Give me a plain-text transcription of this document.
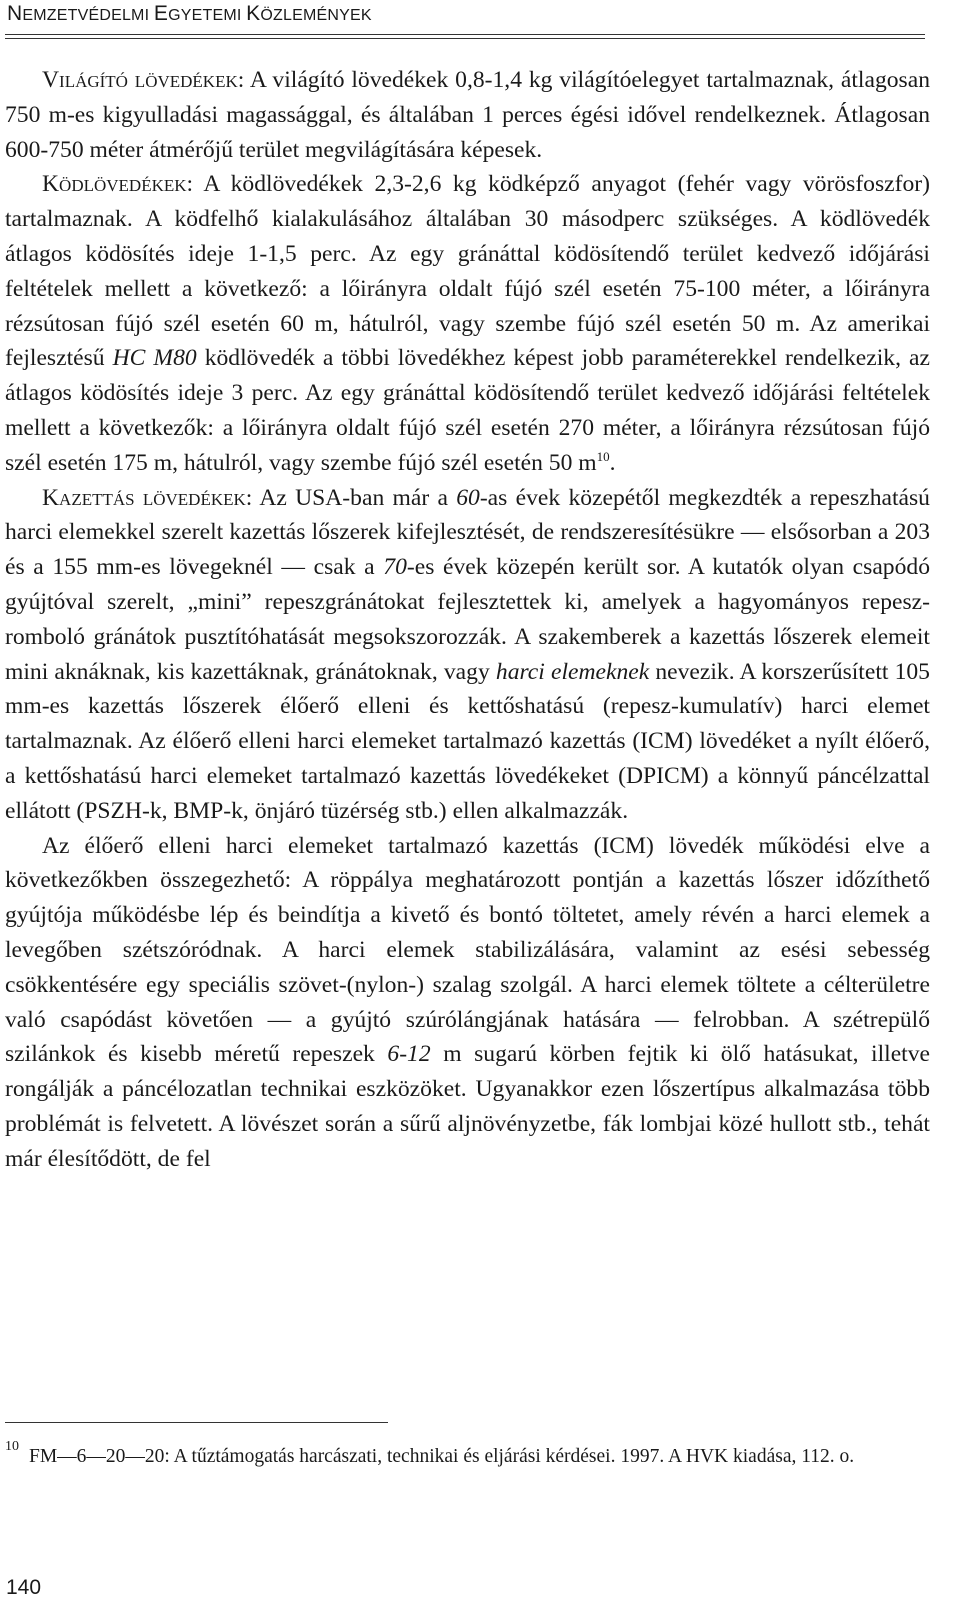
NEMZETVÉDELMI EGYETEMI KÖZLEMÉNYEK

Világító lövedékek: A világító lövedékek 0,8-1,4 kg világítóelegyet tartalmaznak, átlagosan 750 m-es kigyulladási magassággal, és általában 1 perces égési idővel rendelkeznek. Átlagosan 600-750 méter átmérőjű terület megvilágítására képesek.

Ködlövedékek: A ködlövedékek 2,3-2,6 kg ködképző anyagot (fehér vagy vörösfoszfor) tartalmaznak. A ködfelhő kialakulásához általában 30 másodperc szükséges. A ködlövedék átlagos ködösítés ideje 1-1,5 perc. Az egy gránáttal ködösítendő terület kedvező időjárási feltételek mellett a következő: a lőirányra oldalt fújó szél esetén 75-100 méter, a lőirányra rézsútosan fújó szél esetén 60 m, hátulról, vagy szembe fújó szél esetén 50 m. Az amerikai fejlesztésű HC M80 ködlövedék a többi lövedékhez képest jobb paraméterekkel rendelkezik, az átlagos ködösítés ideje 3 perc. Az egy gránáttal ködösítendő terület kedvező időjárási feltételek mellett a következők: a lőirányra oldalt fújó szél esetén 270 méter, a lőirányra rézsútosan fújó szél esetén 175 m, hátulról, vagy szembe fújó szél esetén 50 $m^{10}$.

Kazettás lövedékek: Az USA-ban már a 60-as évek közepétől megkezdték a repeszhatású harci elemekkel szerelt kazettás lőszerek kifejlesztését, de rendszeresítésükre — elsősorban a 203 és a 155 mm-es lövegeknél — csak a 70-es évek közepén került sor. A kutatók olyan csapódó gyújtóval szerelt, „mini” repeszgránátokat fejlesztettek ki, amelyek a hagyományos repeszromboló gránátok pusztítóhatását megsokszorozzák. A szakemberek a kazettás lőszerek elemeit mini aknáknak, kis kazettáknak, gránátoknak, vagy harci elemeknek nevezik. A korszerűsített 105 mm-es kazettás lőszerek élőerő elleni és kettőshatású (repesz-kumulatív) harci elemet tartalmaznak. Az élőerő elleni harci elemeket tartalmazó kazettás (ICM) lövedéket a nyílt élőerő, a kettőshatású harci elemeket tartalmazó kazettás lövedékeket (DPICM) a könnyű páncélzattal ellátott (PSZH-k, BMP-k, önjáró tüzérség stb.) ellen alkalmazzák.

Az élőerő elleni harci elemeket tartalmazó kazettás (ICM) lövedék működési elve a következőkben összegezhető: A röppálya meghatározott pontján a kazettás lőszer időzíthető gyújtója működésbe lép és beindítja a kivető és bontó töltetet, amely révén a harci elemek a levegőben szétszóródnak. A harci elemek stabilizálására, valamint az esési sebesség csökkentésére egy speciális szövet-(nylon-) szalag szolgál. A harci elemek töltete a célterületre való csapódást követően — a gyújtó szúrólángjának hatására — felrobban. A szétrepülő szilánkok és kisebb méretű repeszek 6-12 m sugarú körben fejtik ki ölő hatásukat, illetve rongálják a páncélozatlan technikai eszközöket. Ugyanakkor ezen lőszertípus alkalmazása több problémát is felvetett. A lövészet során a sűrű aljnövényzetbe, fák lombjai közé hullott stb., tehát már élesítődött, de fel

10 FM—6—20—20: A tűztámogatás harcászati, technikai és eljárási kérdései. 1997. A HVK kiadása, 112. o.
140
